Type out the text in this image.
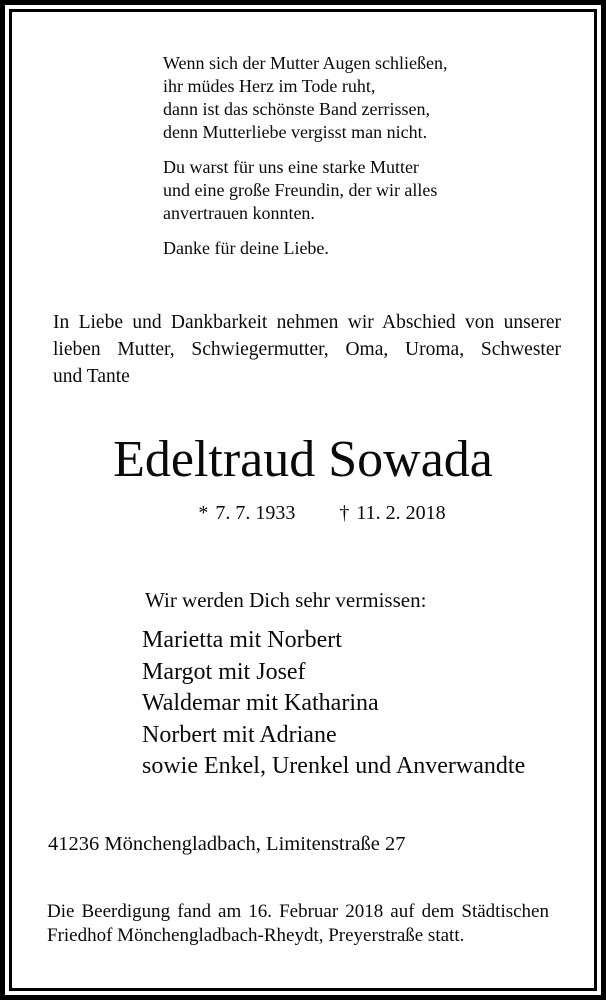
Wenn sich der Mutter Augen schließen,
ihr müdes Herz im Tode ruht,
dann ist das schönste Band zerrissen,
denn Mutterliebe vergisst man nicht.
Du warst für uns eine starke Mutter
und eine große Freundin, der wir alles
anvertrauen konnten.
Danke für deine Liebe.
In Liebe und Dankbarkeit nehmen wir Abschied von unserer
lieben Mutter, Schwiegermutter, Oma, Uroma, Schwester
und Tante
Edeltraud Sowada
* 7. 7. 1933 † 11. 2. 2018
Wir werden Dich sehr vermissen:
Marietta mit Norbert
Margot mit Josef
Waldemar mit Katharina
Norbert mit Adriane
sowie Enkel, Urenkel und Anverwandte
41236 Mönchengladbach, Limitenstraße 27
Die Beerdigung fand am 16. Februar 2018 auf dem Städtischen
Friedhof Mönchengladbach-Rheydt, Preyerstraße statt.
